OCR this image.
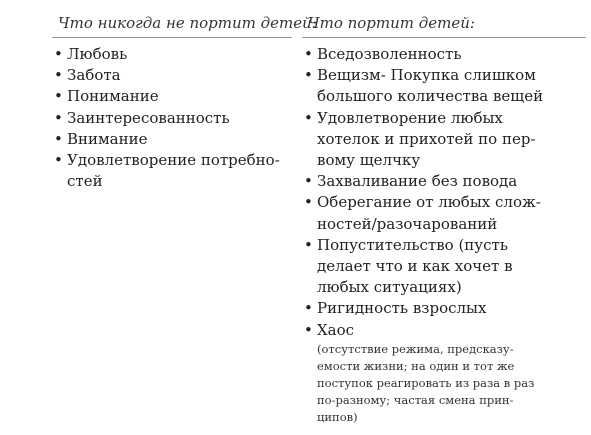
Что никогда не портит детей:
• Любовь
• Забота
• Понимание
• Заинтересованность
• Внимание
• Удовлетворение потребно-
стей
Что портит детей:
• Вседозволенность
• Вещизм- Покупка слишком
большого количества вещей
• Удовлетворение любых
хотелок и прихотей по пер-
вому щелчку
• Захваливание без повода
• Оберегание от любых слож-
ностей/разочарований
• Попустительство (пусть
делает что и как хочет в
любых ситуациях)
• Ригидность взрослых
• Хаос
(отсутствие режима, предсказу-
емости жизни; на один и тот же
поступок реагировать из раза в раз
по-разному; частая смена прин-
ципов)
